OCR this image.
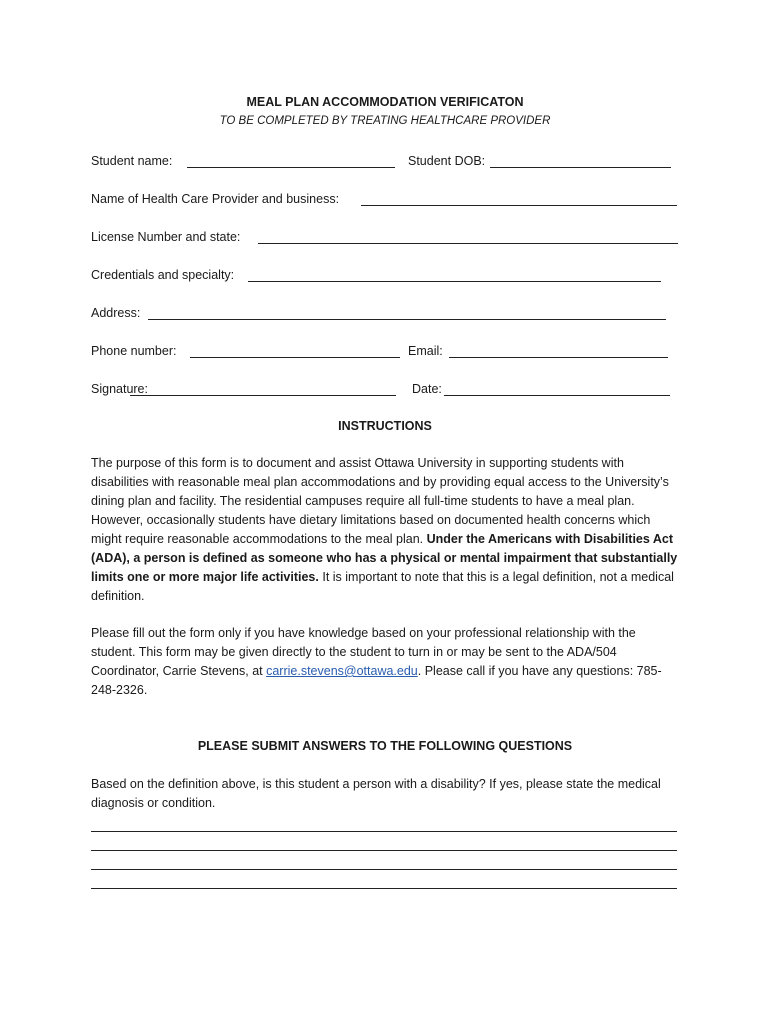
MEAL PLAN ACCOMMODATION VERIFICATON

TO BE COMPLETED BY TREATING HEALTHCARE PROVIDER

Student name:	Student DOB:
Name of Health Care Provider and business:
License Number and state:
Credentials and specialty:
Address:
Phone number:	Email:
Signature:	Date:
INSTRUCTIONS

The purpose of this form is to document and assist Ottawa University in supporting students with disabilities with reasonable meal plan accommodations and by providing equal access to the University’s dining plan and facility. The residential campuses require all full-time students to have a meal plan. However, occasionally students have dietary limitations based on documented health concerns which might require reasonable accommodations to the meal plan. Under the Americans with Disabilities Act (ADA), a person is defined as someone who has a physical or mental impairment that substantially limits one or more major life activities. It is important to note that this is a legal definition, not a medical definition.

Please fill out the form only if you have knowledge based on your professional relationship with the student. This form may be given directly to the student to turn in or may be sent to the ADA/504 Coordinator, Carrie Stevens, at carrie.stevens@ottawa.edu. Please call if you have any questions: 785-248-2326.

PLEASE SUBMIT ANSWERS TO THE FOLLOWING QUESTIONS

Based on the definition above, is this student a person with a disability? If yes, please state the medical diagnosis or condition.
